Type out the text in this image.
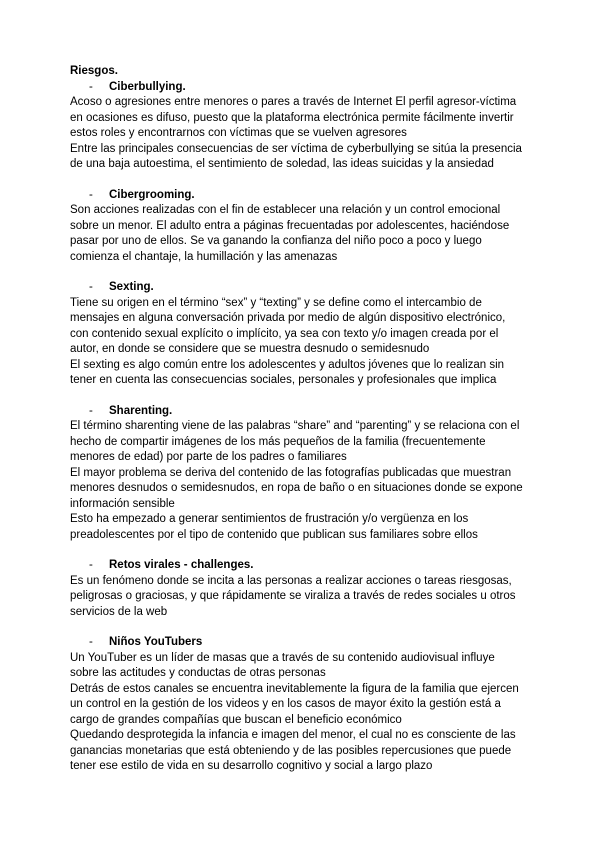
Riesgos.
- Ciberbullying.

Acoso o agresiones entre menores o pares a través de Internet El perfil agresor-víctima en ocasiones es difuso, puesto que la plataforma electrónica permite fácilmente invertir estos roles y encontrarnos con víctimas que se vuelven agresores

Entre las principales consecuencias de ser víctima de cyberbullying se sitúa la presencia de una baja autoestima, el sentimiento de soledad, las ideas suicidas y la ansiedad

- Cibergrooming.

Son acciones realizadas con el fin de establecer una relación y un control emocional sobre un menor. El adulto entra a páginas frecuentadas por adolescentes, haciéndose pasar por uno de ellos. Se va ganando la confianza del niño poco a poco y luego comienza el chantaje, la humillación y las amenazas

- Sexting.

Tiene su origen en el término “sex” y “texting” y se define como el intercambio de mensajes en alguna conversación privada por medio de algún dispositivo electrónico, con contenido sexual explícito o implícito, ya sea con texto y/o imagen creada por el autor, en donde se considere que se muestra desnudo o semidesnudo

El sexting es algo común entre los adolescentes y adultos jóvenes que lo realizan sin tener en cuenta las consecuencias sociales, personales y profesionales que implica

- Sharenting.

El término sharenting viene de las palabras “share” and “parenting” y se relaciona con el hecho de compartir imágenes de los más pequeños de la familia (frecuentemente menores de edad) por parte de los padres o familiares

El mayor problema se deriva del contenido de las fotografías publicadas que muestran menores desnudos o semidesnudos, en ropa de baño o en situaciones donde se expone información sensible

Esto ha empezado a generar sentimientos de frustración y/o vergüenza en los preadolescentes por el tipo de contenido que publican sus familiares sobre ellos

- Retos virales - challenges.

Es un fenómeno donde se incita a las personas a realizar acciones o tareas riesgosas, peligrosas o graciosas, y que rápidamente se viraliza a través de redes sociales u otros servicios de la web

- Niños YouTubers

Un YouTuber es un líder de masas que a través de su contenido audiovisual influye sobre las actitudes y conductas de otras personas

Detrás de estos canales se encuentra inevitablemente la figura de la familia que ejercen un control en la gestión de los videos y en los casos de mayor éxito la gestión está a cargo de grandes compañías que buscan el beneficio económico

Quedando desprotegida la infancia e imagen del menor, el cual no es consciente de las ganancias monetarias que está obteniendo y de las posibles repercusiones que puede tener ese estilo de vida en su desarrollo cognitivo y social a largo plazo
